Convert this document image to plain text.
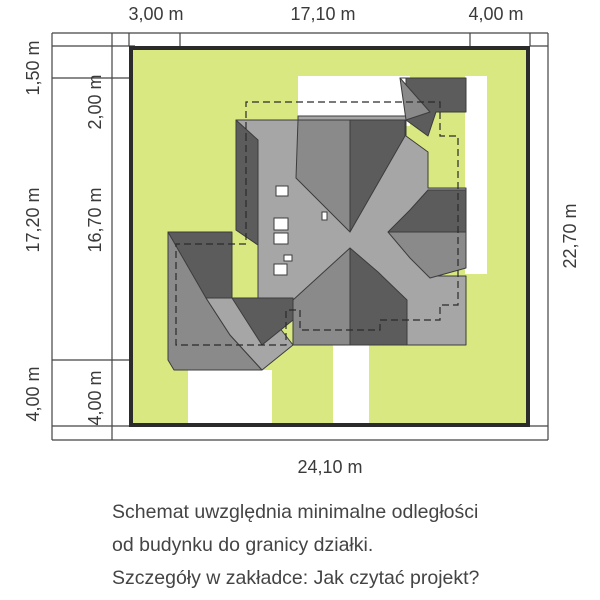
3,00 m	17,10 m	4,00 m
1,50 m
17,20 m
4,00 m
2,00 m
16,70 m
4,00 m
22,70 m
24,10 m
Schemat uwzględnia minimalne odległości
od budynku do granicy działki.
Szczegóły w zakładce: Jak czytać projekt?
